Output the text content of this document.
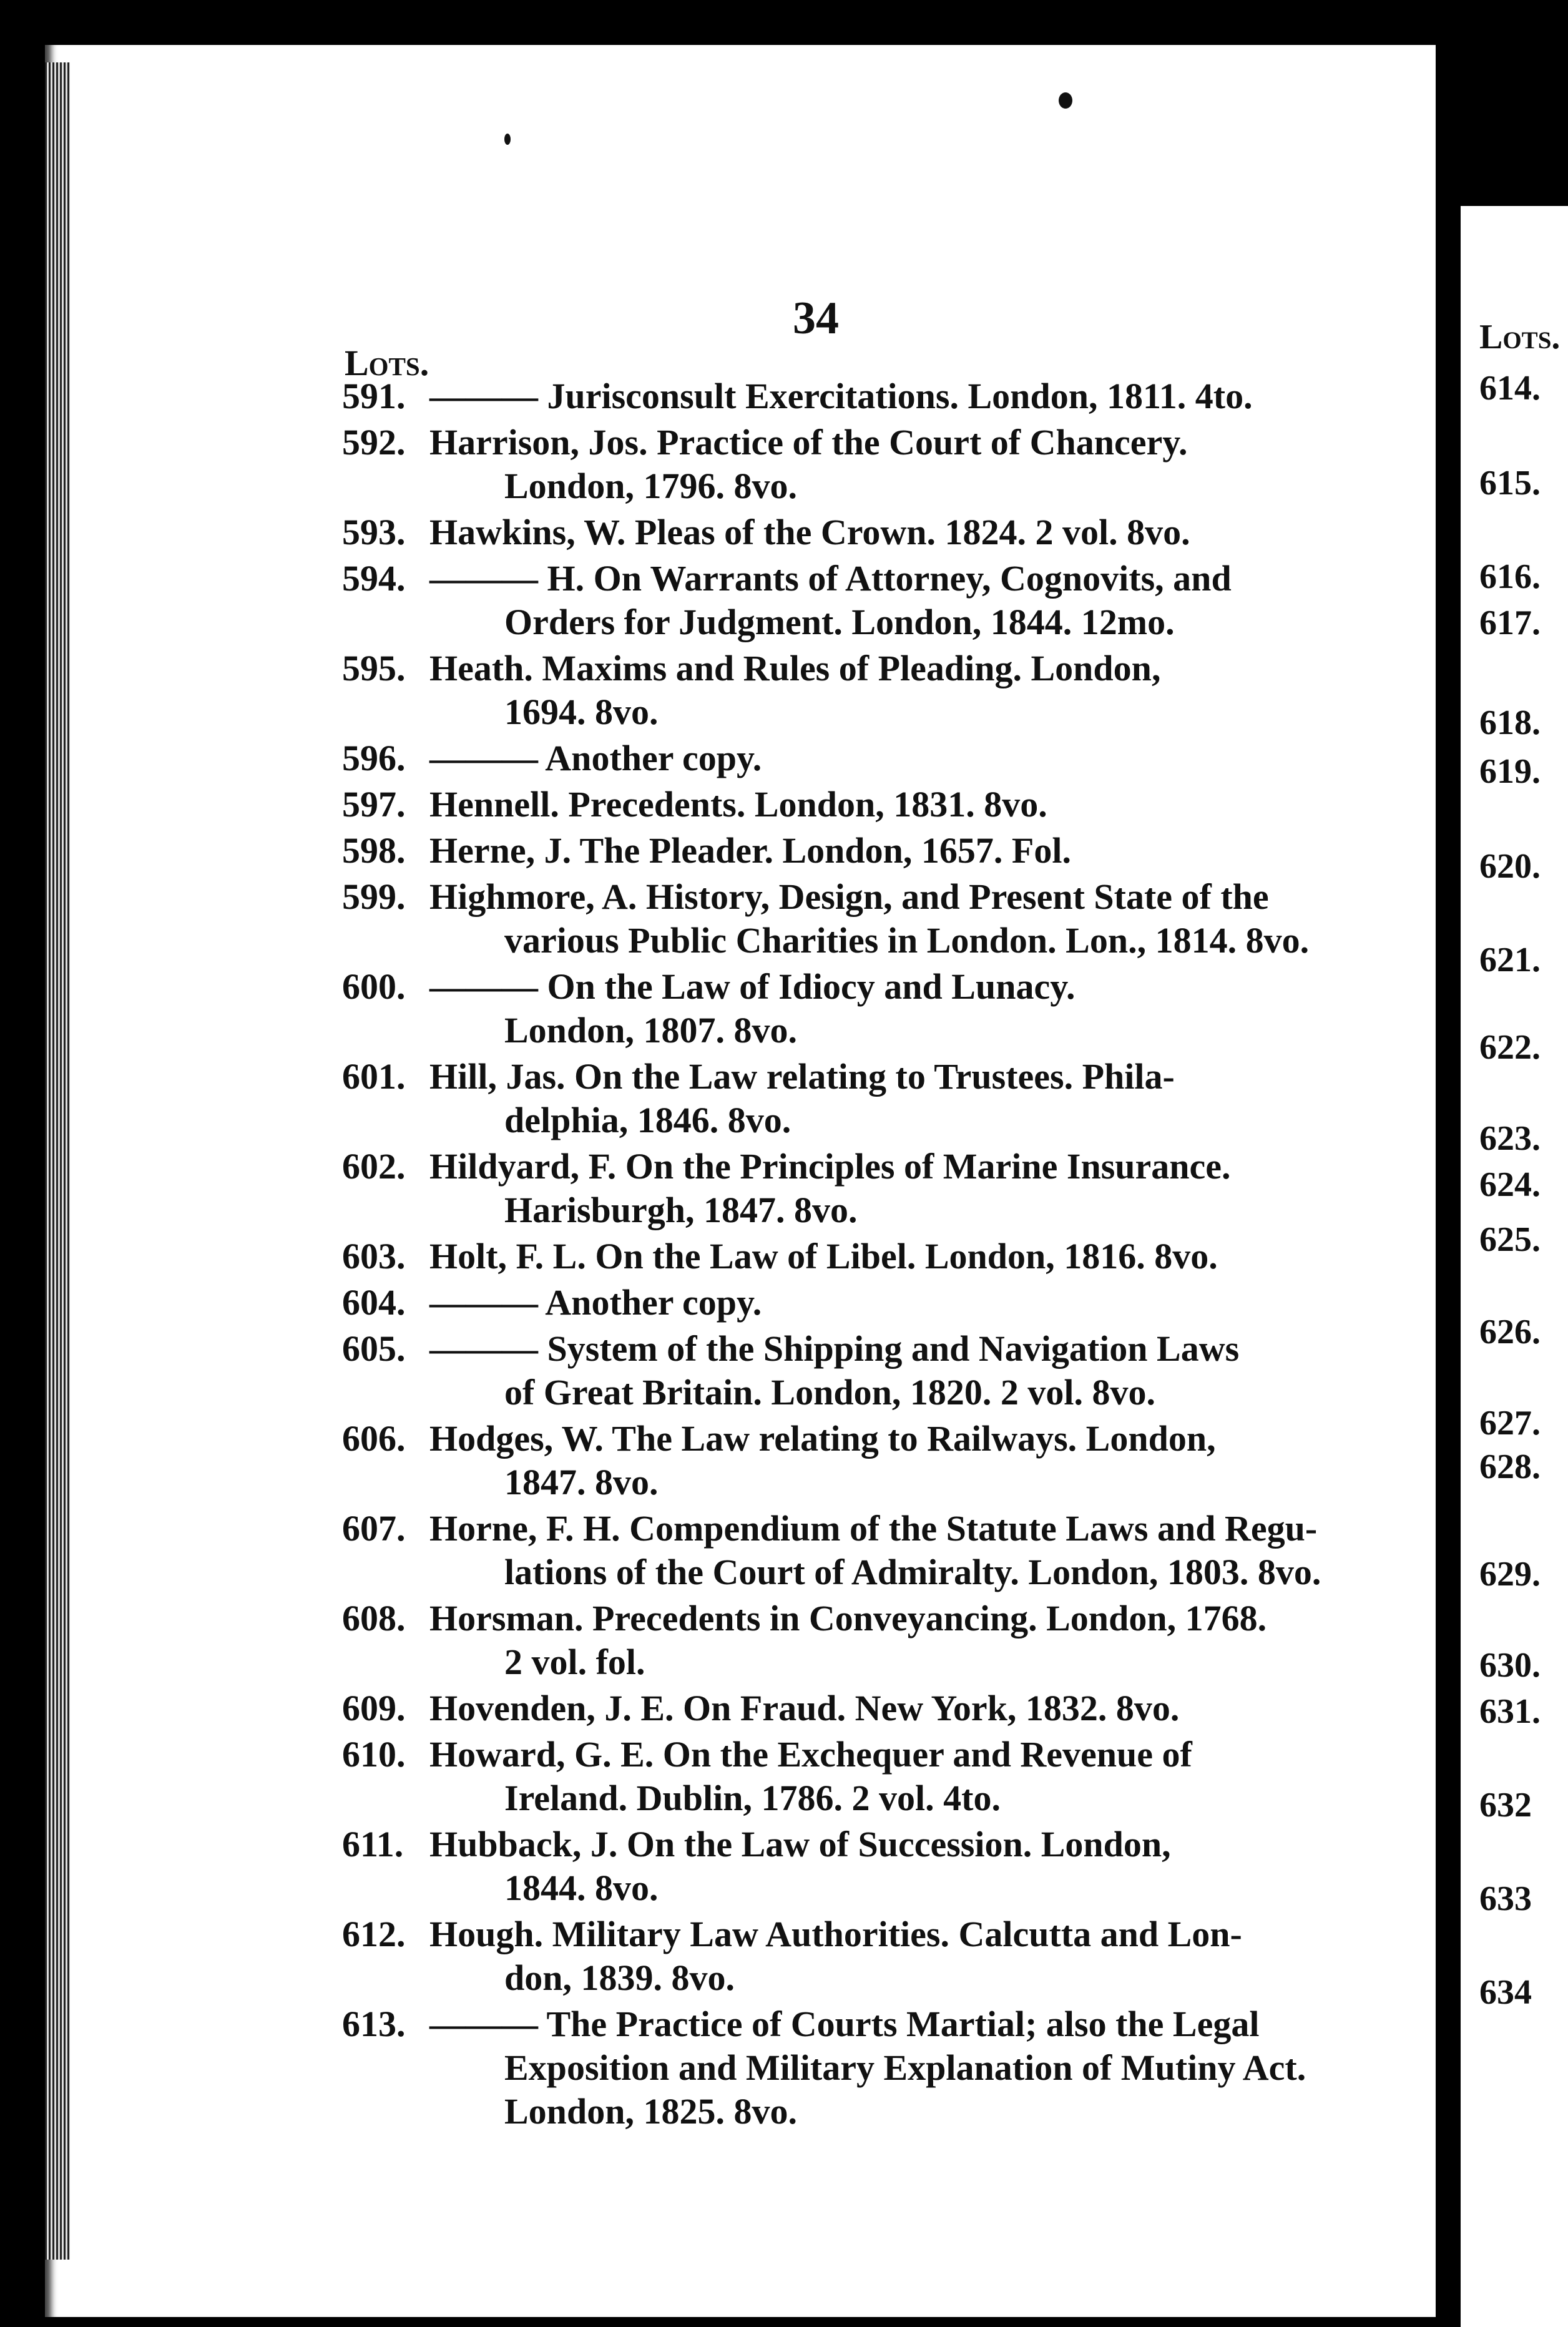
34
Lots.
591. ——— Jurisconsult Exercitations. London, 1811. 4to.
592. Harrison, Jos. Practice of the Court of Chancery.
London, 1796. 8vo.
593. Hawkins, W. Pleas of the Crown. 1824. 2 vol. 8vo.
594. ——— H. On Warrants of Attorney, Cognovits, and
Orders for Judgment. London, 1844. 12mo.
595. Heath. Maxims and Rules of Pleading. London,
1694. 8vo.
596. ——— Another copy.
597. Hennell. Precedents. London, 1831. 8vo.
598. Herne, J. The Pleader. London, 1657. Fol.
599. Highmore, A. History, Design, and Present State of the
various Public Charities in London. Lon., 1814. 8vo.
600. ——— On the Law of Idiocy and Lunacy.
London, 1807. 8vo.
601. Hill, Jas. On the Law relating to Trustees. Phila-
delphia, 1846. 8vo.
602. Hildyard, F. On the Principles of Marine Insurance.
Harisburgh, 1847. 8vo.
603. Holt, F. L. On the Law of Libel. London, 1816. 8vo.
604. ——— Another copy.
605. ——— System of the Shipping and Navigation Laws
of Great Britain. London, 1820. 2 vol. 8vo.
606. Hodges, W. The Law relating to Railways. London,
1847. 8vo.
607. Horne, F. H. Compendium of the Statute Laws and Regu-
lations of the Court of Admiralty. London, 1803. 8vo.
608. Horsman. Precedents in Conveyancing. London, 1768.
2 vol. fol.
609. Hovenden, J. E. On Fraud. New York, 1832. 8vo.
610. Howard, G. E. On the Exchequer and Revenue of
Ireland. Dublin, 1786. 2 vol. 4to.
611. Hubback, J. On the Law of Succession. London,
1844. 8vo.
612. Hough. Military Law Authorities. Calcutta and Lon-
don, 1839. 8vo.
613. ——— The Practice of Courts Martial; also the Legal
Exposition and Military Explanation of Mutiny Act.
London, 1825. 8vo.
Lots.
614.
615.
616.
617.
618.
619.
620.
621.
622.
623.
624.
625.
626.
627.
628.
629.
630.
631.
632
633
634
